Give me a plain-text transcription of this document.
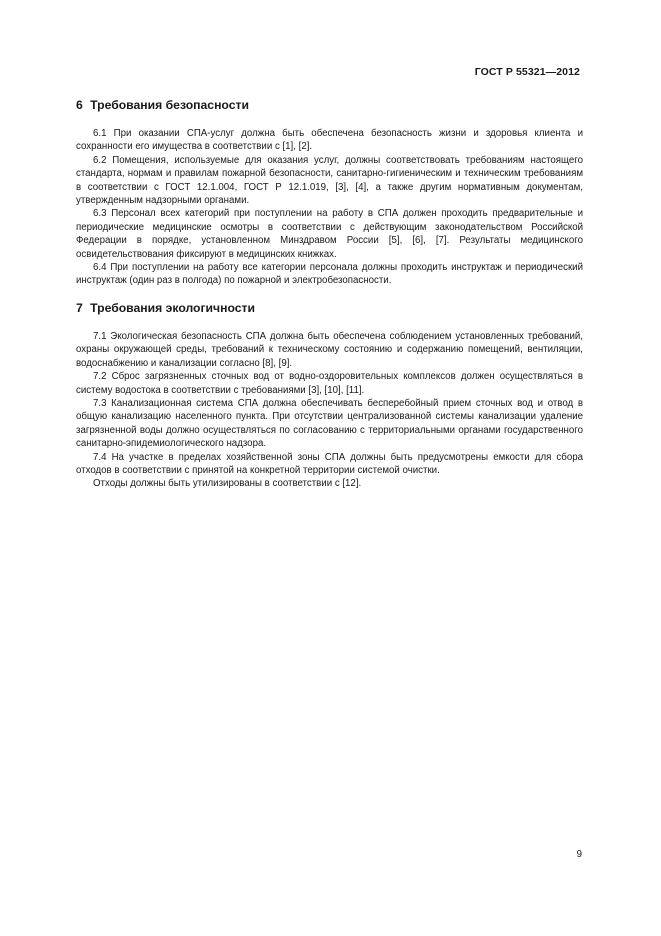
ГОСТ Р 55321—2012
6 Требования безопасности

6.1 При оказании СПА-услуг должна быть обеспечена безопасность жизни и здоровья клиента и сохранности его имущества в соответствии с [1], [2].

6.2 Помещения, используемые для оказания услуг, должны соответствовать требованиям настоящего стандарта, нормам и правилам пожарной безопасности, санитарно-гигиеническим и техническим требованиям в соответствии с ГОСТ 12.1.004, ГОСТ Р 12.1.019, [3], [4], а также другим нормативным документам, утвержденным надзорными органами.

6.3 Персонал всех категорий при поступлении на работу в СПА должен проходить предварительные и периодические медицинские осмотры в соответствии с действующим законодательством Российской Федерации в порядке, установленном Минздравом России [5], [6], [7]. Результаты медицинского освидетельствования фиксируют в медицинских книжках.

6.4 При поступлении на работу все категории персонала должны проходить инструктаж и периодический инструктаж (один раз в полгода) по пожарной и электробезопасности.

7 Требования экологичности

7.1 Экологическая безопасность СПА должна быть обеспечена соблюдением установленных требований, охраны окружающей среды, требований к техническому состоянию и содержанию помещений, вентиляции, водоснабжению и канализации согласно [8], [9].

7.2 Сброс загрязненных сточных вод от водно-оздоровительных комплексов должен осуществляться в систему водостока в соответствии с требованиями [3], [10], [11].

7.3 Канализационная система СПА должна обеспечивать бесперебойный прием сточных вод и отвод в общую канализацию населенного пункта. При отсутствии централизованной системы канализации удаление загрязненной воды должно осуществляться по согласованию с территориальными органами государственного санитарно-эпидемиологического надзора.

7.4 На участке в пределах хозяйственной зоны СПА должны быть предусмотрены емкости для сбора отходов в соответствии с принятой на конкретной территории системой очистки.

Отходы должны быть утилизированы в соответствии с [12].

9
